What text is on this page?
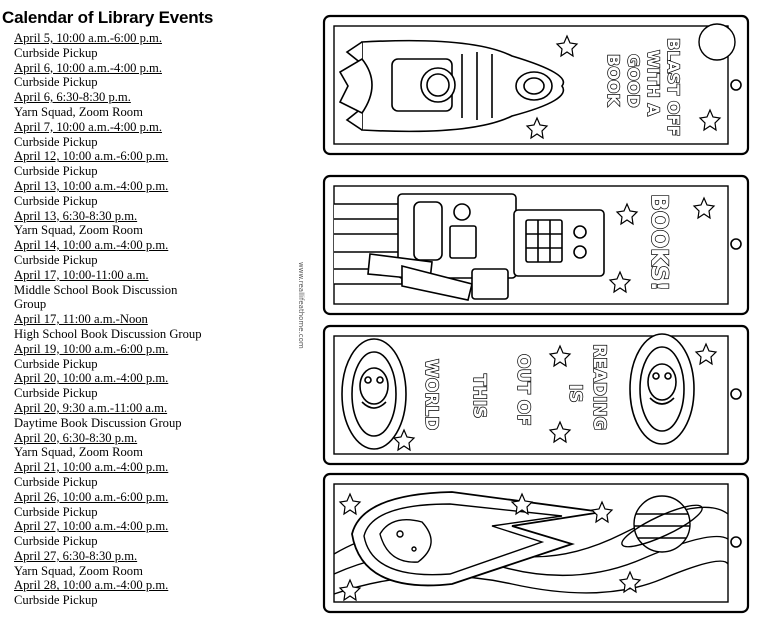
Calendar of Library Events
April 5, 10:00 a.m.-6:00 p.m.
Curbside Pickup
April 6, 10:00 a.m.-4:00 p.m.
Curbside Pickup
April 6, 6:30-8:30 p.m.
Yarn Squad, Zoom Room
April 7, 10:00 a.m.-4:00 p.m.
Curbside Pickup
April 12, 10:00 a.m.-6:00 p.m.
Curbside Pickup
April 13, 10:00 a.m.-4:00 p.m.
Curbside Pickup
April 13, 6:30-8:30 p.m.
Yarn Squad, Zoom Room
April 14, 10:00 a.m.-4:00 p.m.
Curbside Pickup
April 17, 10:00-11:00 a.m.
Middle School Book Discussion Group
April 17, 11:00 a.m.-Noon
High School Book Discussion Group
April 19, 10:00 a.m.-6:00 p.m.
Curbside Pickup
April 20, 10:00 a.m.-4:00 p.m.
Curbside Pickup
April 20, 9:30 a.m.-11:00 a.m.
Daytime Book Discussion Group
April 20, 6:30-8:30 p.m.
Yarn Squad, Zoom Room
April 21, 10:00 a.m.-4:00 p.m.
Curbside Pickup
April 26, 10:00 a.m.-6:00 p.m.
Curbside Pickup
April 27, 10:00 a.m.-4:00 p.m.
Curbside Pickup
April 27, 6:30-8:30 p.m.
Yarn Squad, Zoom Room
April 28, 10:00 a.m.-4:00 p.m.
Curbside Pickup
www.reallifeathome.com
BLAST OFF
WITH A
GOOD
BOOK
BOOKS!
READING
IS
OUT OF
THIS
WORLD
